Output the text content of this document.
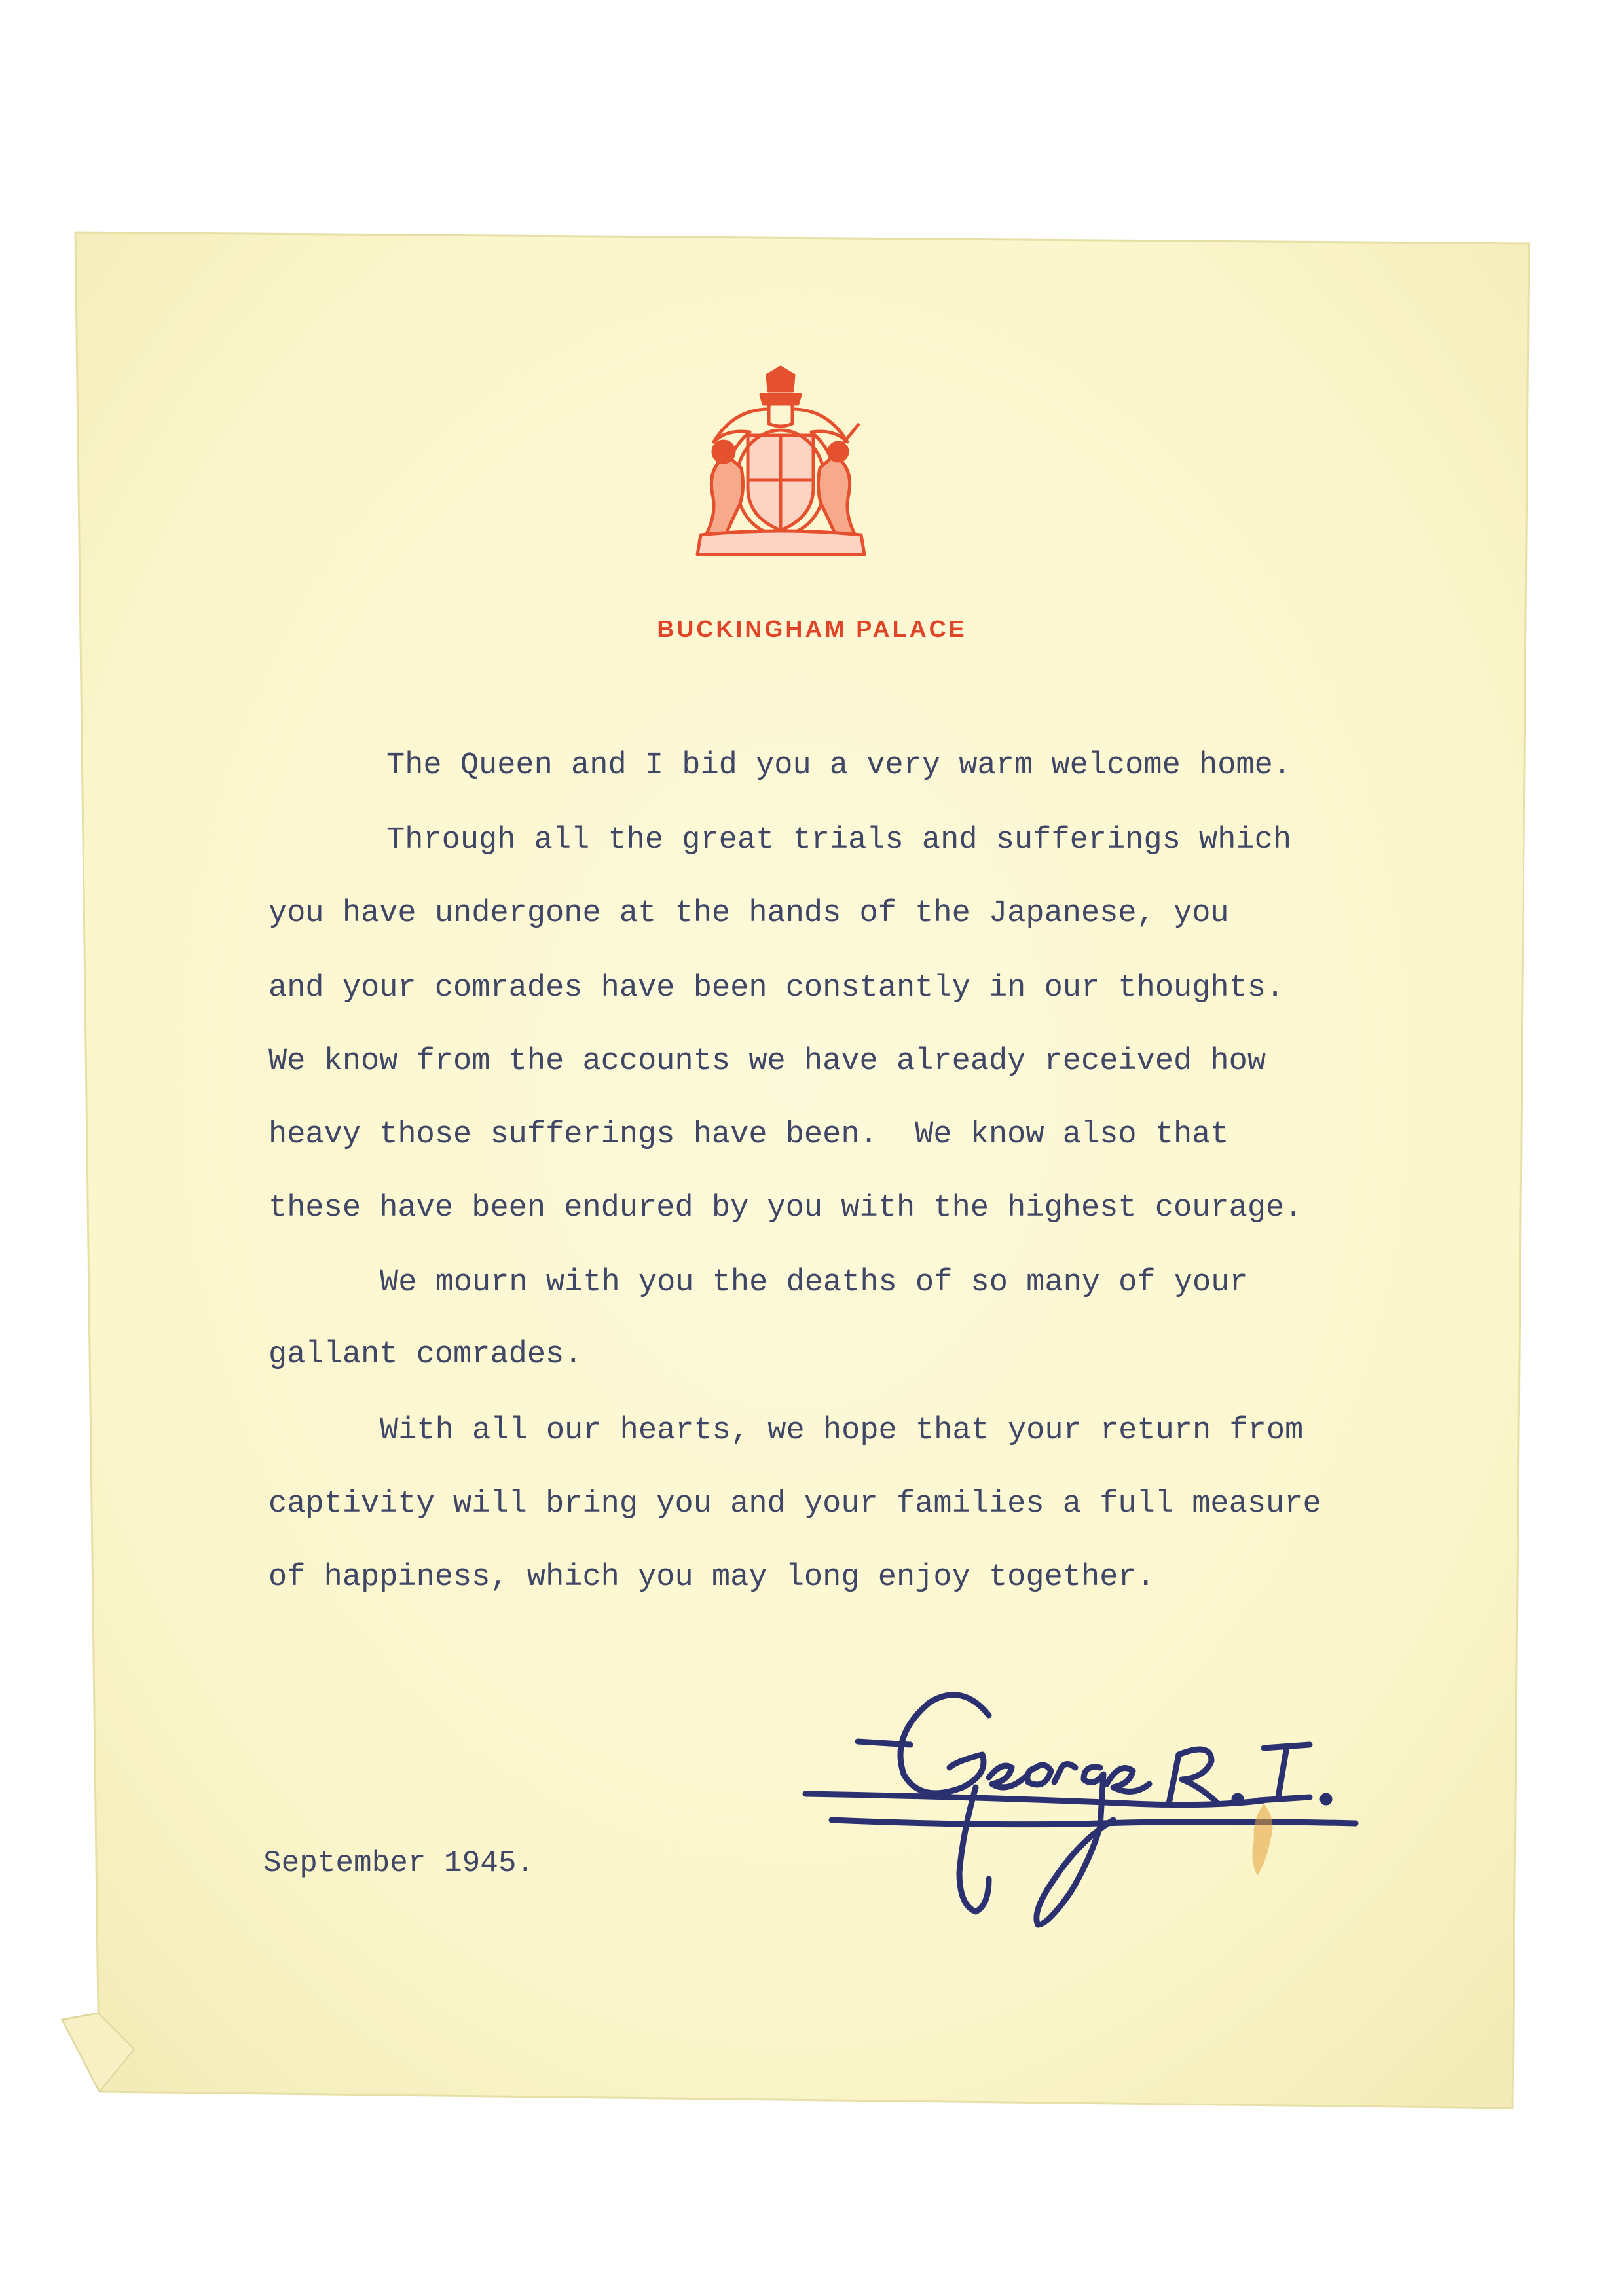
BUCKINGHAM PALACE
The Queen and I bid you a very warm welcome home.
Through all the great trials and sufferings which
you have undergone at the hands of the Japanese, you
and your comrades have been constantly in our thoughts.
We know from the accounts we have already received how
heavy those sufferings have been.  We know also that
these have been endured by you with the highest courage.
We mourn with you the deaths of so many of your
gallant comrades.
With all our hearts, we hope that your return from
captivity will bring you and your families a full measure
of happiness, which you may long enjoy together.
September 1945.
